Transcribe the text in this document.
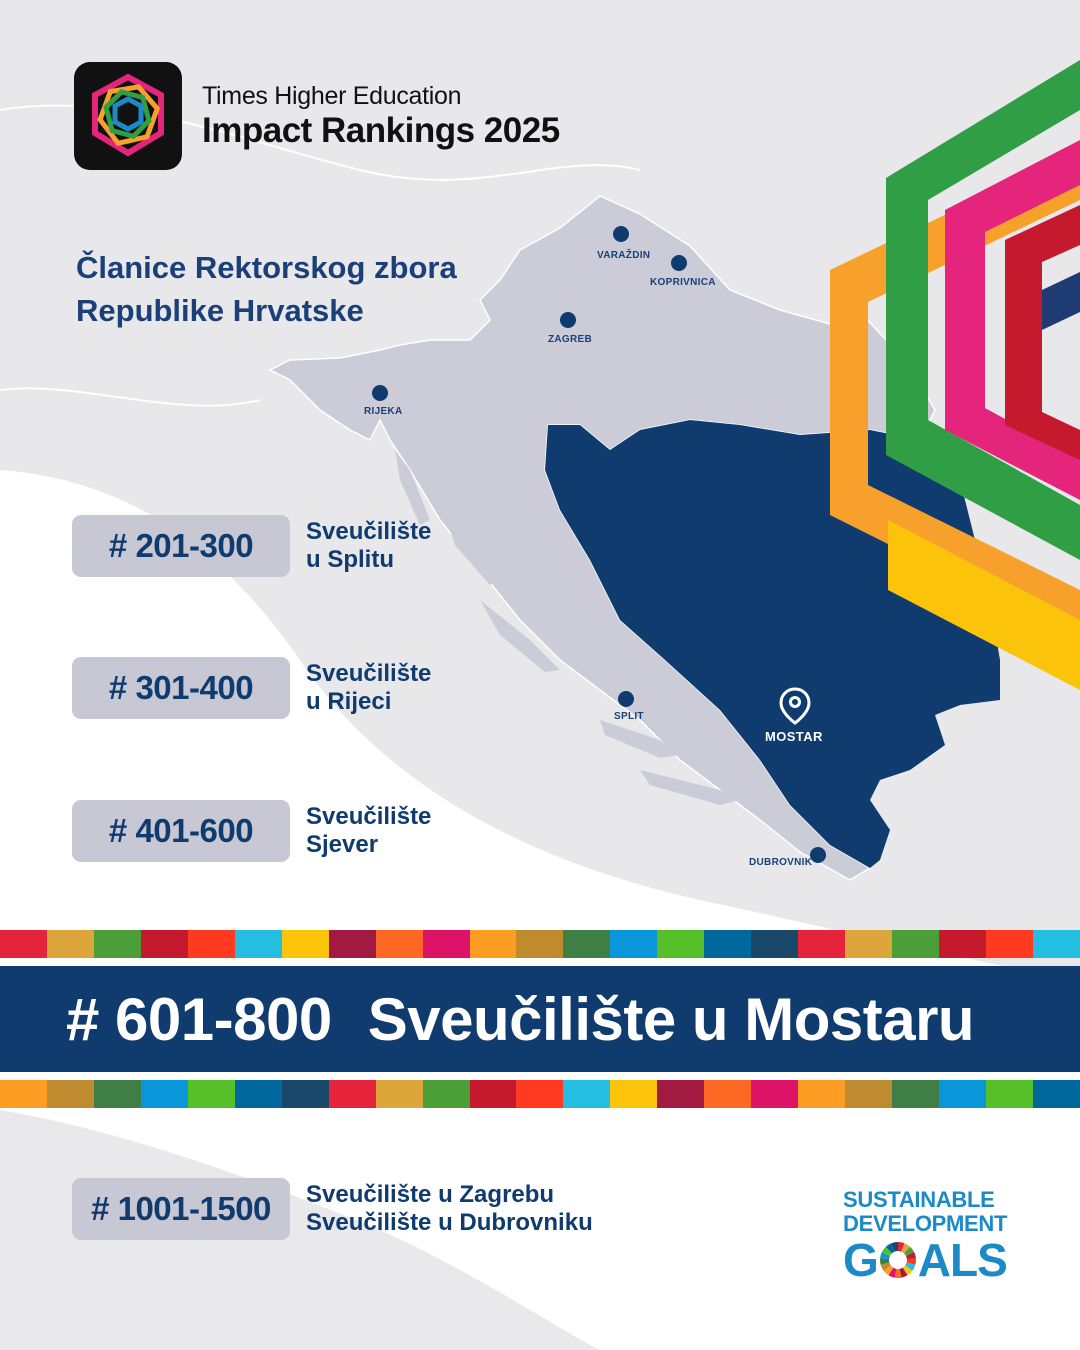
VARAŽDIN
KOPRIVNICA
ZAGREB
RIJEKA
SPLIT
DUBROVNIK
MOSTAR
Times Higher Education
Impact Rankings 2025
Članice Rektorskog zbora
Republike Hrvatske
# 201-300	Sveučilište
u Splitu
# 301-400	Sveučilište
u Rijeci
# 401-600	Sveučilište
Sjever
# 601-800 Sveučilište u Mostaru
# 1001-1500	Sveučilište u Zagrebu
Sveučilište u Dubrovniku
SUSTAINABLE
DEVELOPMENT
G ALS
